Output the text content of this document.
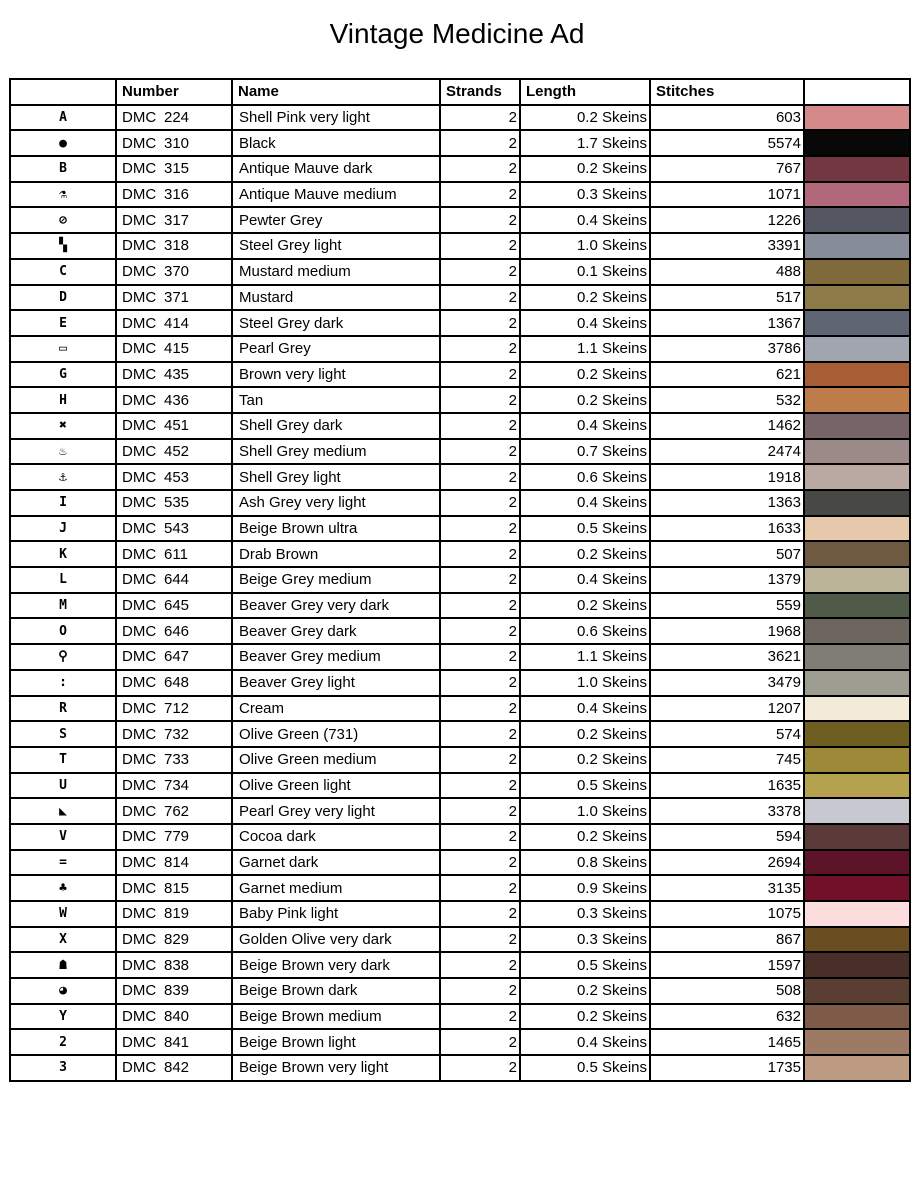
Vintage Medicine Ad
	Number	Name	Strands	Length	Stitches	
A	DMC 224	Shell Pink very light	2	0.2 Skeins	603	

●	DMC 310	Black	2	1.7 Skeins	5574	

B	DMC 315	Antique Mauve dark	2	0.2 Skeins	767	

⚗	DMC 316	Antique Mauve medium	2	0.3 Skeins	1071	

⊘	DMC 317	Pewter Grey	2	0.4 Skeins	1226	

▚	DMC 318	Steel Grey light	2	1.0 Skeins	3391	

C	DMC 370	Mustard medium	2	0.1 Skeins	488	

D	DMC 371	Mustard	2	0.2 Skeins	517	

E	DMC 414	Steel Grey dark	2	0.4 Skeins	1367	

▭	DMC 415	Pearl Grey	2	1.1 Skeins	3786	

G	DMC 435	Brown very light	2	0.2 Skeins	621	

H	DMC 436	Tan	2	0.2 Skeins	532	

✖	DMC 451	Shell Grey dark	2	0.4 Skeins	1462	

♨	DMC 452	Shell Grey medium	2	0.7 Skeins	2474	

⚓	DMC 453	Shell Grey light	2	0.6 Skeins	1918	

I	DMC 535	Ash Grey very light	2	0.4 Skeins	1363	

J	DMC 543	Beige Brown ultra	2	0.5 Skeins	1633	

K	DMC 611	Drab Brown	2	0.2 Skeins	507	

L	DMC 644	Beige Grey medium	2	0.4 Skeins	1379	

M	DMC 645	Beaver Grey very dark	2	0.2 Skeins	559	

O	DMC 646	Beaver Grey dark	2	0.6 Skeins	1968	

⚲	DMC 647	Beaver Grey medium	2	1.1 Skeins	3621	

:	DMC 648	Beaver Grey light	2	1.0 Skeins	3479	

R	DMC 712	Cream	2	0.4 Skeins	1207	

S	DMC 732	Olive Green (731)	2	0.2 Skeins	574	

T	DMC 733	Olive Green medium	2	0.2 Skeins	745	

U	DMC 734	Olive Green light	2	0.5 Skeins	1635	

◣	DMC 762	Pearl Grey very light	2	1.0 Skeins	3378	

V	DMC 779	Cocoa dark	2	0.2 Skeins	594	

=	DMC 814	Garnet dark	2	0.8 Skeins	2694	

♣	DMC 815	Garnet medium	2	0.9 Skeins	3135	

W	DMC 819	Baby Pink light	2	0.3 Skeins	1075	

X	DMC 829	Golden Olive very dark	2	0.3 Skeins	867	

☗	DMC 838	Beige Brown very dark	2	0.5 Skeins	1597	

◕	DMC 839	Beige Brown dark	2	0.2 Skeins	508	

Y	DMC 840	Beige Brown medium	2	0.2 Skeins	632	

2	DMC 841	Beige Brown light	2	0.4 Skeins	1465	

3	DMC 842	Beige Brown very light	2	0.5 Skeins	1735	
